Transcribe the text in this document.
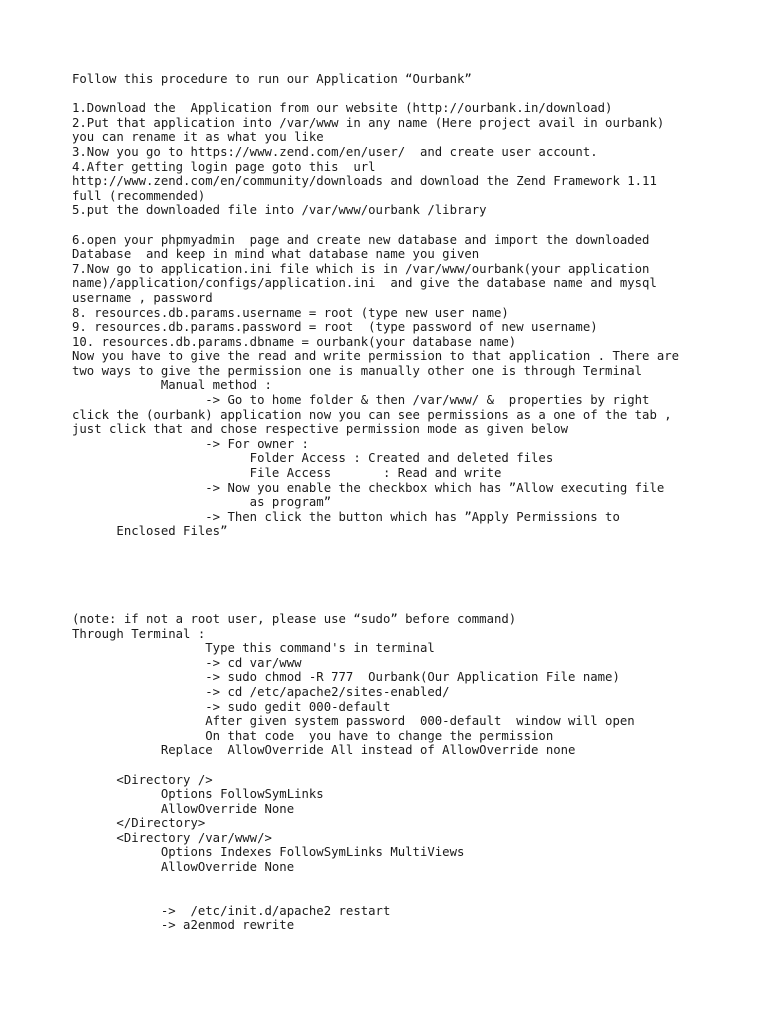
Follow this procedure to run our Application “Ourbank”
1.Download the  Application from our website (http://ourbank.in/download)
2.Put that application into /var/www in any name (Here project avail in ourbank)
you can rename it as what you like
3.Now you go to https://www.zend.com/en/user/  and create user account.
4.After getting login page goto this  url
http://www.zend.com/en/community/downloads and download the Zend Framework 1.11
full (recommended)
5.put the downloaded file into /var/www/ourbank /library
6.open your phpmyadmin  page and create new database and import the downloaded
Database  and keep in mind what database name you given
7.Now go to application.ini file which is in /var/www/ourbank(your application
name)/application/configs/application.ini  and give the database name and mysql
username , password
8. resources.db.params.username = root (type new user name)
9. resources.db.params.password = root  (type password of new username)
10. resources.db.params.dbname = ourbank(your database name)
Now you have to give the read and write permission to that application . There are
two ways to give the permission one is manually other one is through Terminal
Manual method :
-> Go to home folder & then /var/www/ &  properties by right
click the (ourbank) application now you can see permissions as a one of the tab ,
just click that and chose respective permission mode as given below
-> For owner :
Folder Access : Created and deleted files
File Access       : Read and write
-> Now you enable the checkbox which has ”Allow executing file
as program”
-> Then click the button which has ”Apply Permissions to
Enclosed Files”
(note: if not a root user, please use “sudo” before command)
Through Terminal :
Type this command's in terminal
-> cd var/www
-> sudo chmod -R 777  Ourbank(Our Application File name)
-> cd /etc/apache2/sites-enabled/
-> sudo gedit 000-default
After given system password  000-default  window will open
On that code  you have to change the permission
Replace  AllowOverride All instead of AllowOverride none
<Directory />
Options FollowSymLinks
AllowOverride None
</Directory>
<Directory /var/www/>
Options Indexes FollowSymLinks MultiViews
AllowOverride None
->  /etc/init.d/apache2 restart
-> a2enmod rewrite
